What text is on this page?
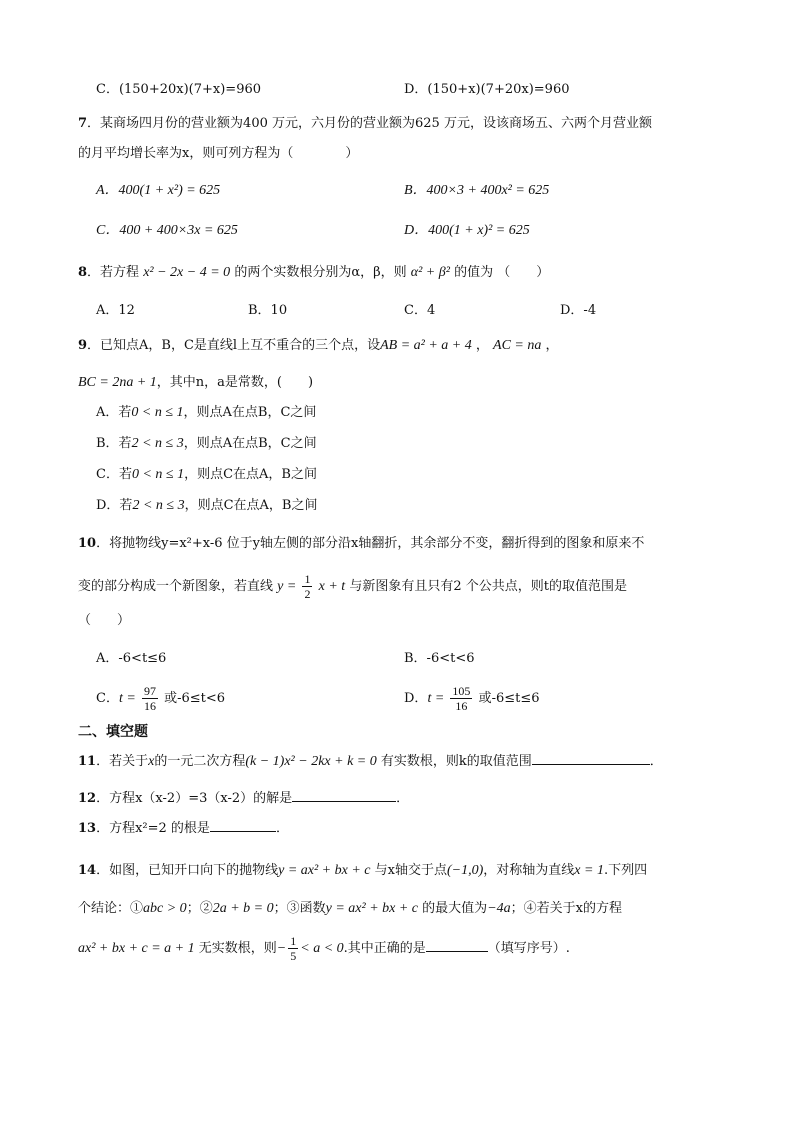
C．(150+20x)(7+x)=960	D．(150+x)(7+20x)=960
7．某商场四月份的营业额为400 万元，六月份的营业额为625 万元，设该商场五、六两个月营业额
的月平均增长率为x，则可列方程为（　　　　）
A．400(1 + x²) = 625	B．400×3 + 400x² = 625
C．400 + 400×3x = 625	D．400(1 + x)² = 625
8．若方程 x² − 2x − 4 = 0 的两个实数根分别为α，β，则 α² + β² 的值为 （　　）
A．12	B．10	C．4	D．-4
9．已知点A，B，C是直线l上互不重合的三个点，设AB = a² + a + 4 ， AC = na ，
BC = 2na + 1，其中n，a是常数，(　　)
A．若0 < n ≤ 1，则点A在点B，C之间
B．若2 < n ≤ 3，则点A在点B，C之间
C．若0 < n ≤ 1，则点C在点A，B之间
D．若2 < n ≤ 3，则点C在点A，B之间
10．将抛物线y=x²+x-6 位于y轴左侧的部分沿x轴翻折，其余部分不变，翻折得到的图象和原来不
变的部分构成一个新图象，若直线 $y = \frac{1}{2}$ x + t 与新图象有且只有2 个公共点，则t的取值范围是
（　　）
A．-6<t≤6	B．-6<t<6
C．$t = \frac{97}{16}$ 或-6≤t<6	D．$t = \frac{105}{16}$ 或-6≤t≤6
二、填空题
11．若关于x的一元二次方程(k − 1)x² − 2kx + k = 0 有实数根，则k的取值范围	．
12．方程x（x-2）=3（x-2）的解是	．
13．方程x²=2 的根是	．
14．如图，已知开口向下的抛物线y = ax² + bx + c 与x轴交于点(−1,0)，对称轴为直线x = 1.下列四
个结论：①abc > 0；②2a + b = 0；③函数y = ax² + bx + c 的最大值为−4a；④若关于x的方程
ax² + bx + c = a + 1 无实数根，则− $\frac{1}{5} < a < 0$.其中正确的是	（填写序号）.
